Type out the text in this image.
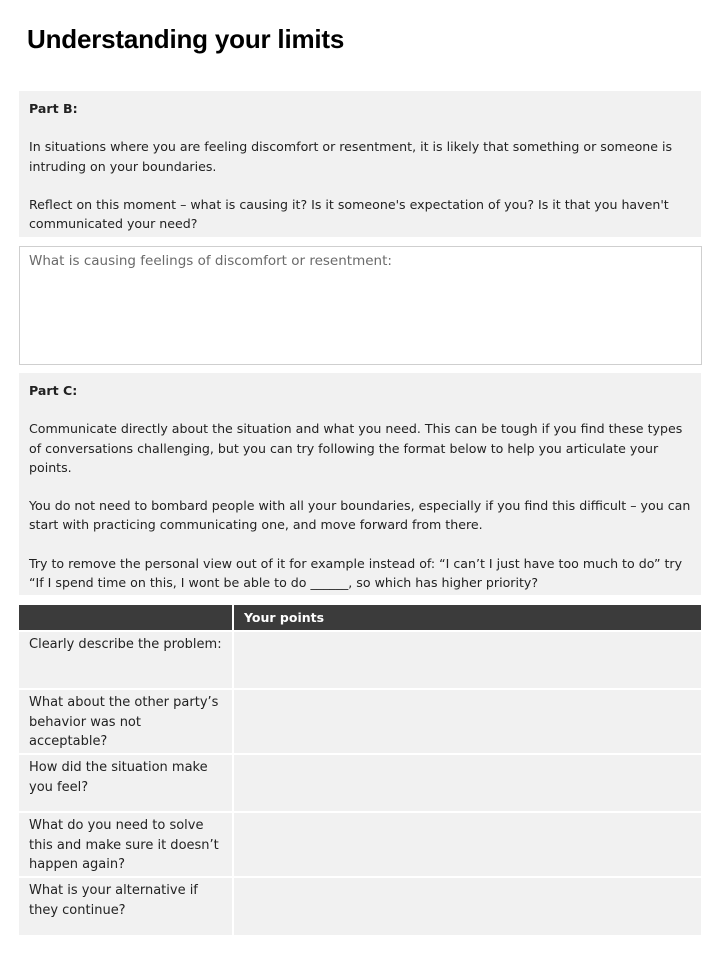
Understanding your limits

Part B:

In situations where you are feeling discomfort or resentment, it is likely that something or someone is intruding on your boundaries.

Reflect on this moment – what is causing it? Is it someone's expectation of you? Is it that you haven't communicated your need?

What is causing feelings of discomfort or resentment:

Part C:

Communicate directly about the situation and what you need. This can be tough if you find these types of conversations challenging, but you can try following the format below to help you articulate your points.

You do not need to bombard people with all your boundaries, especially if you find this difficult – you can start with practicing communicating one, and move forward from there.

Try to remove the personal view out of it for example instead of: “I can’t I just have too much to do” try “If I spend time on this, I wont be able to do ______, so which has higher priority?

	Your points
Clearly describe the problem:	
What about the other party’s behavior was not acceptable?	
How did the situation make you feel?	
What do you need to solve this and make sure it doesn’t happen again?	
What is your alternative if they continue?	
